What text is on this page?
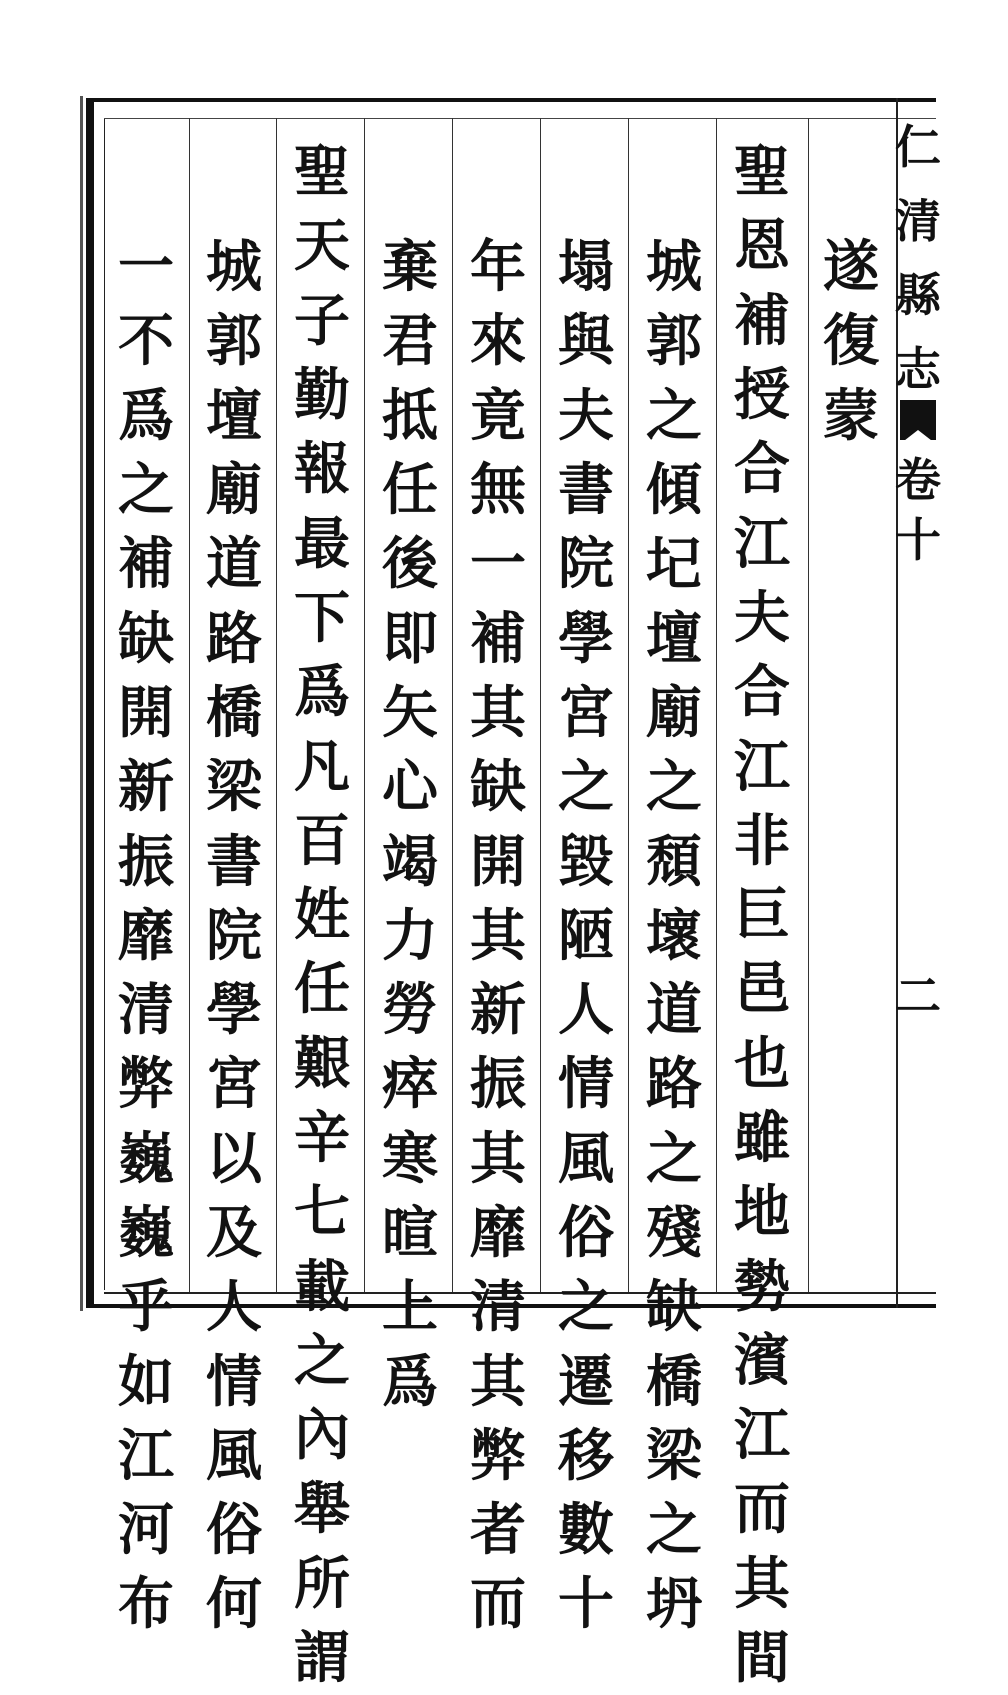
仁
清
縣
志
卷
十
二
遂
復
蒙
聖
恩
補
授
合
江
夫
合
江
非
巨
邑
也
雖
地
勢
濱
江
而
其
間
城
郭
之
傾
圮
壇
廟
之
頹
壞
道
路
之
殘
缺
橋
梁
之
坍
塌
與
夫
書
院
學
宮
之
毀
陋
人
情
風
俗
之
遷
移
數
十
年
來
竟
無
一
補
其
缺
開
其
新
振
其
靡
清
其
弊
者
而
棄
君
抵
任
後
即
矢
心
竭
力
勞
瘁
寒
暄
上
爲
聖
天
子
勤
報
最
下
爲
凡
百
姓
任
艱
辛
七
載
之
內
舉
所
謂
城
郭
壇
廟
道
路
橋
梁
書
院
學
宮
以
及
人
情
風
俗
何
一
不
爲
之
補
缺
開
新
振
靡
清
弊
巍
巍
乎
如
江
河
布
